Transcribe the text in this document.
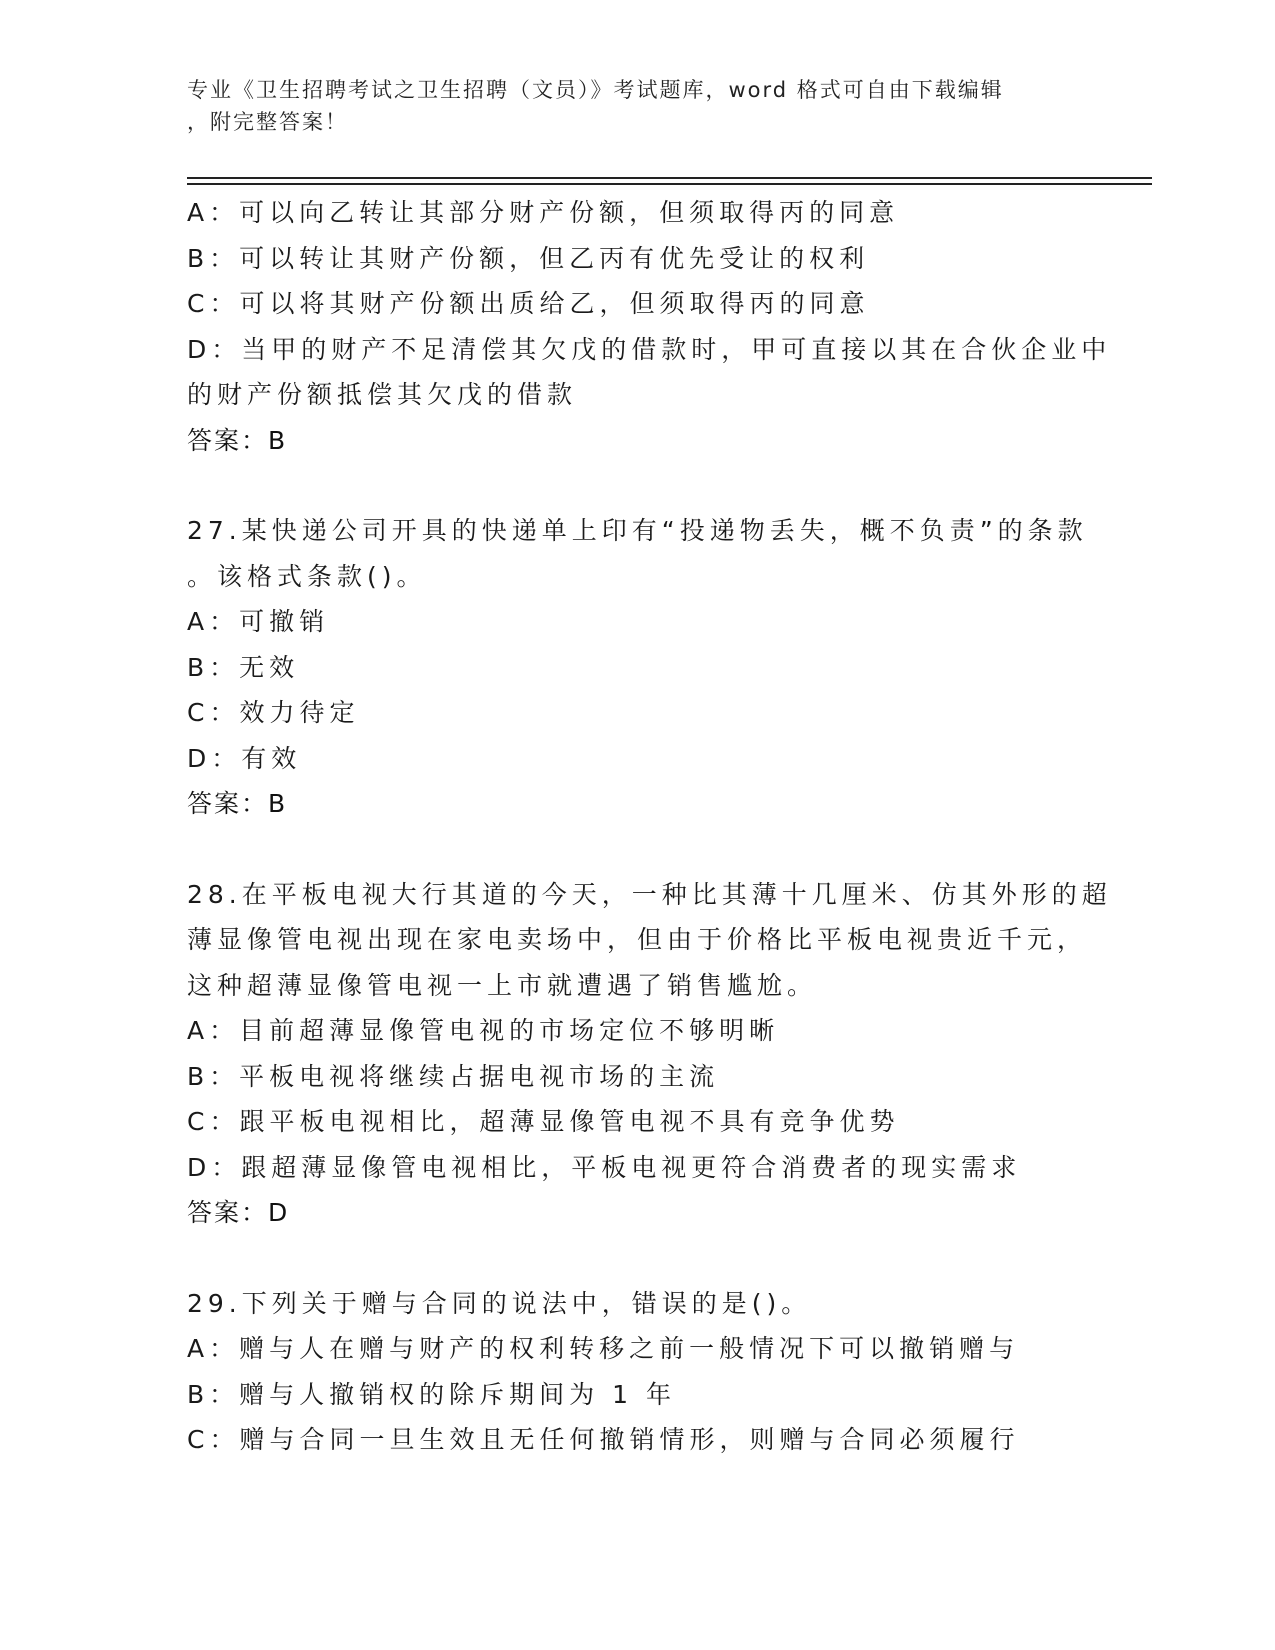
专业《卫生招聘考试之卫生招聘（文员）》考试题库，word 格式可自由下载编辑
，附完整答案！
A：可以向乙转让其部分财产份额，但须取得丙的同意
B：可以转让其财产份额，但乙丙有优先受让的权利
C：可以将其财产份额出质给乙，但须取得丙的同意
D：当甲的财产不足清偿其欠戊的借款时，甲可直接以其在合伙企业中
的财产份额抵偿其欠戊的借款
答案：B
27.某快递公司开具的快递单上印有“投递物丢失，概不负责”的条款
。该格式条款()。
A：可撤销
B：无效
C：效力待定
D：有效
答案：B
28.在平板电视大行其道的今天，一种比其薄十几厘米、仿其外形的超
薄显像管电视出现在家电卖场中，但由于价格比平板电视贵近千元，
这种超薄显像管电视一上市就遭遇了销售尴尬。
A：目前超薄显像管电视的市场定位不够明晰
B：平板电视将继续占据电视市场的主流
C：跟平板电视相比，超薄显像管电视不具有竞争优势
D：跟超薄显像管电视相比，平板电视更符合消费者的现实需求
答案：D
29.下列关于赠与合同的说法中，错误的是()。
A：赠与人在赠与财产的权利转移之前一般情况下可以撤销赠与
B：赠与人撤销权的除斥期间为 1 年
C：赠与合同一旦生效且无任何撤销情形，则赠与合同必须履行
